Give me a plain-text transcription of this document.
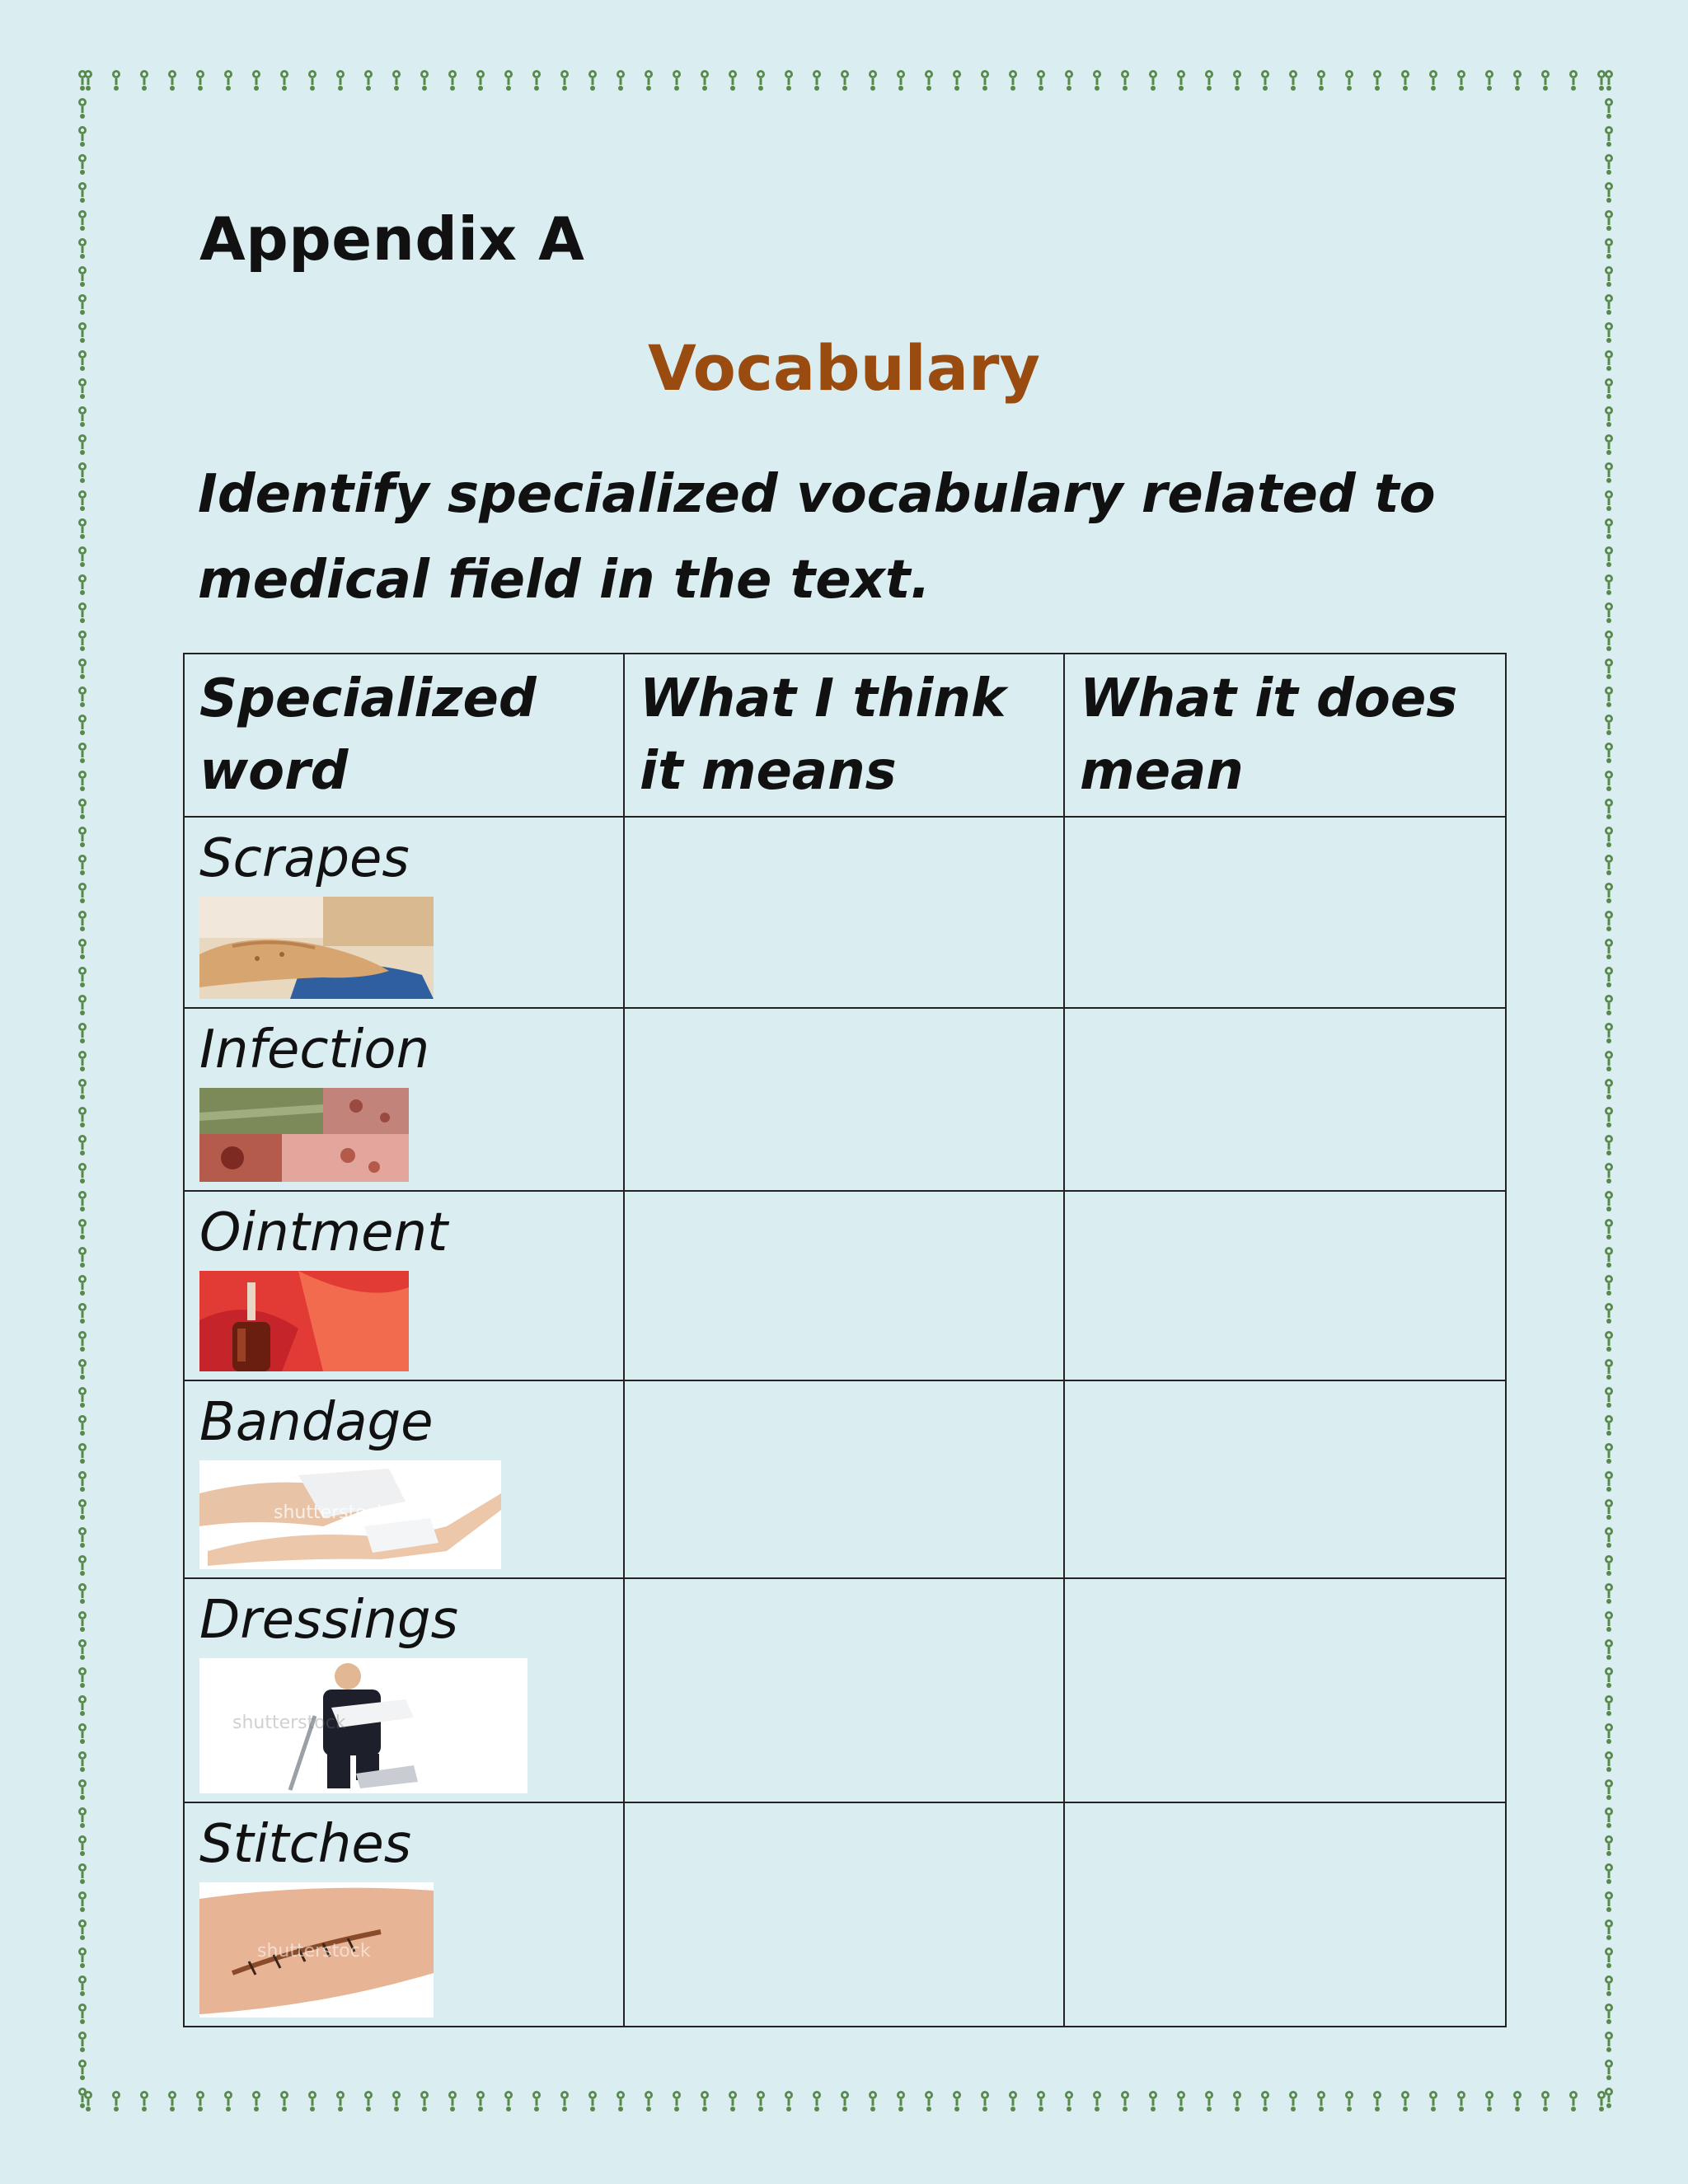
Appendix A
Vocabulary

Identify specialized vocabulary related to medical field in the text.

Specialized word	What I think it means	What it does mean

Scrapes		

Infection		

Ointment		

Bandage
shutterstock		

Dressings
shutterstock		

Stitches
shutterstock		
